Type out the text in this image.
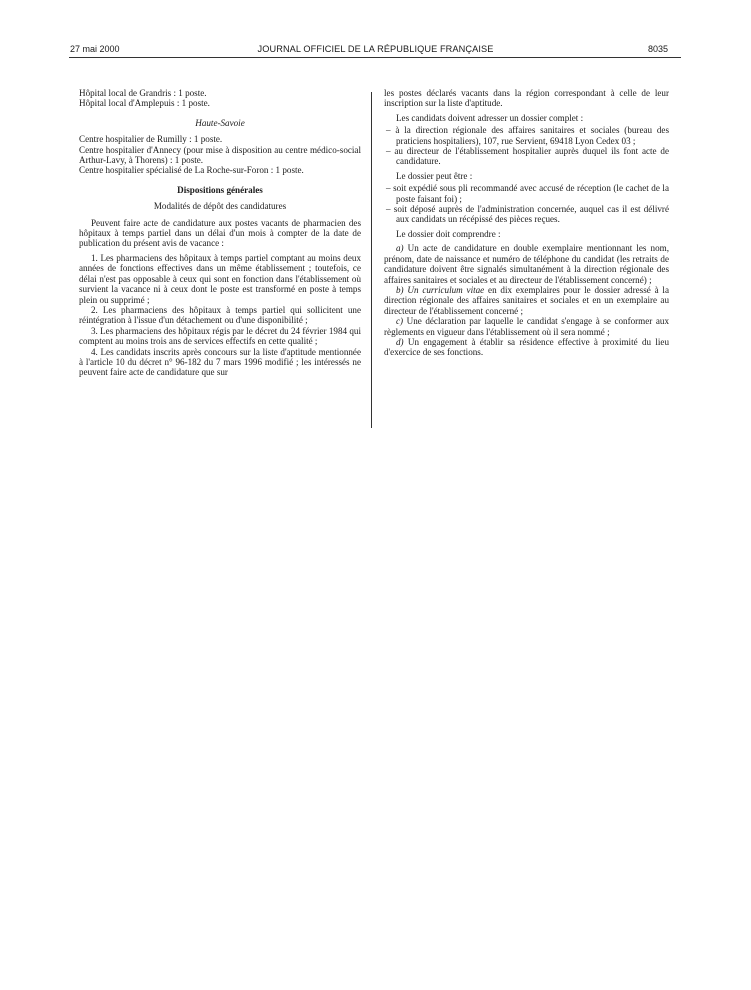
27 mai 2000	JOURNAL OFFICIEL DE LA RÉPUBLIQUE FRANÇAISE	8035

Hôpital local de Grandris : 1 poste.

Hôpital local d'Amplepuis : 1 poste.

Haute-Savoie

Centre hospitalier de Rumilly : 1 poste.

Centre hospitalier d'Annecy (pour mise à disposition au centre médico-social Arthur-Lavy, à Thorens) : 1 poste.

Centre hospitalier spécialisé de La Roche-sur-Foron : 1 poste.

Dispositions générales

Modalités de dépôt des candidatures

Peuvent faire acte de candidature aux postes vacants de pharmacien des hôpitaux à temps partiel dans un délai d'un mois à compter de la date de publication du présent avis de vacance :

1. Les pharmaciens des hôpitaux à temps partiel comptant au moins deux années de fonctions effectives dans un même établissement ; toutefois, ce délai n'est pas opposable à ceux qui sont en fonction dans l'établissement où survient la vacance ni à ceux dont le poste est transformé en poste à temps plein ou supprimé ;

2. Les pharmaciens des hôpitaux à temps partiel qui sollicitent une réintégration à l'issue d'un détachement ou d'une disponibilité ;

3. Les pharmaciens des hôpitaux régis par le décret du 24 février 1984 qui comptent au moins trois ans de services effectifs en cette qualité ;

4. Les candidats inscrits après concours sur la liste d'aptitude mentionnée à l'article 10 du décret n° 96-182 du 7 mars 1996 modifié ; les intéressés ne peuvent faire acte de candidature que sur

les postes déclarés vacants dans la région correspondant à celle de leur inscription sur la liste d'aptitude.

Les candidats doivent adresser un dossier complet :

– à la direction régionale des affaires sanitaires et sociales (bureau des praticiens hospitaliers), 107, rue Servient, 69418 Lyon Cedex 03 ;

– au directeur de l'établissement hospitalier auprès duquel ils font acte de candidature.

Le dossier peut être :

– soit expédié sous pli recommandé avec accusé de réception (le cachet de la poste faisant foi) ;

– soit déposé auprès de l'administration concernée, auquel cas il est délivré aux candidats un récépissé des pièces reçues.

Le dossier doit comprendre :

a) Un acte de candidature en double exemplaire mentionnant les nom, prénom, date de naissance et numéro de téléphone du candidat (les retraits de candidature doivent être signalés simultanément à la direction régionale des affaires sanitaires et sociales et au directeur de l'établissement concerné) ;

b) Un curriculum vitae en dix exemplaires pour le dossier adressé à la direction régionale des affaires sanitaires et sociales et en un exemplaire au directeur de l'établissement concerné ;

c) Une déclaration par laquelle le candidat s'engage à se conformer aux règlements en vigueur dans l'établissement où il sera nommé ;

d) Un engagement à établir sa résidence effective à proximité du lieu d'exercice de ses fonctions.
